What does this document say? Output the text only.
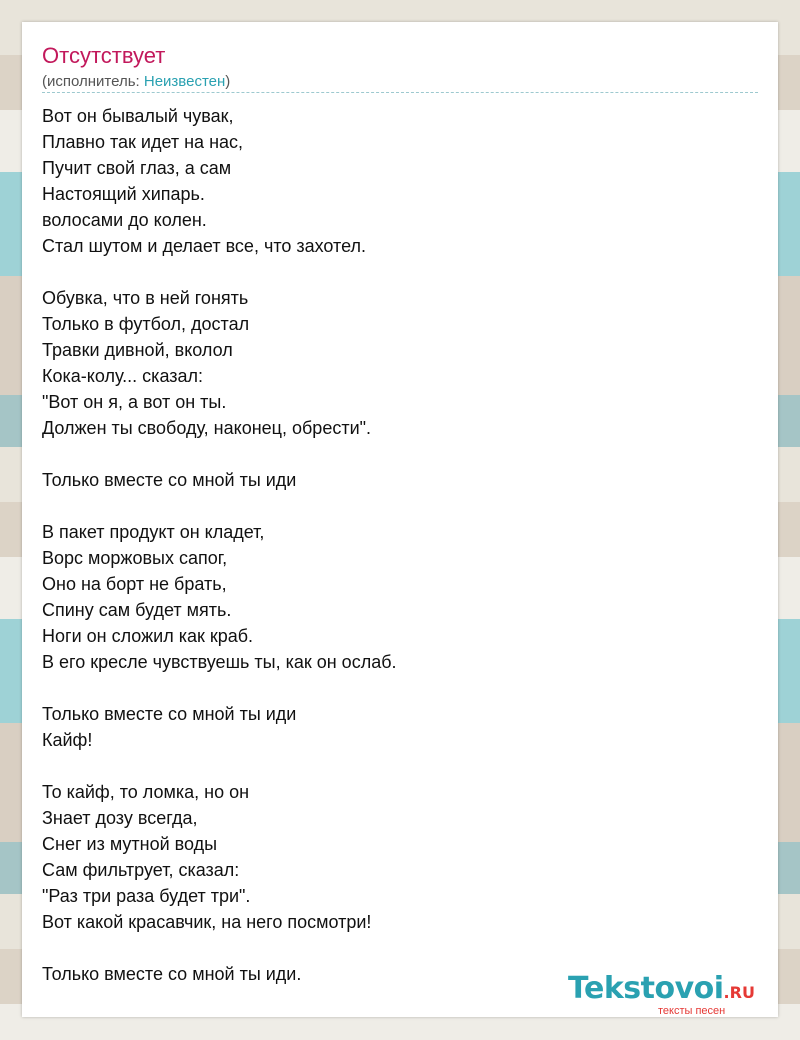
Отсутствует
(исполнитель: Неизвестен)
Вот он бывалый чувак,
Плавно так идет на нас,
Пучит свой глаз, а сам
Настоящий хипарь.
волосами до колен.
Стал шутом и делает все, что захотел.
Обувка, что в ней гонять
Только в футбол, достал
Травки дивной, вколол
Кока-колу... сказал:
"Вот он я, а вот он ты.
Должен ты свободу, наконец, обрести".
Только вместе со мной ты иди
В пакет продукт он кладет,
Ворс моржовых сапог,
Оно на борт не брать,
Спину сам будет мять.
Ноги он сложил как краб.
В его кресле чувствуешь ты, как он ослаб.
Только вместе со мной ты иди
Кайф!
То кайф, то ломка, но он
Знает дозу всегда,
Снег из мутной воды
Сам фильтрует, сказал:
"Раз три раза будет три".
Вот какой красавчик, на него посмотри!
Только вместе со мной ты иди.	Tekstovoi.RU
тексты песен
